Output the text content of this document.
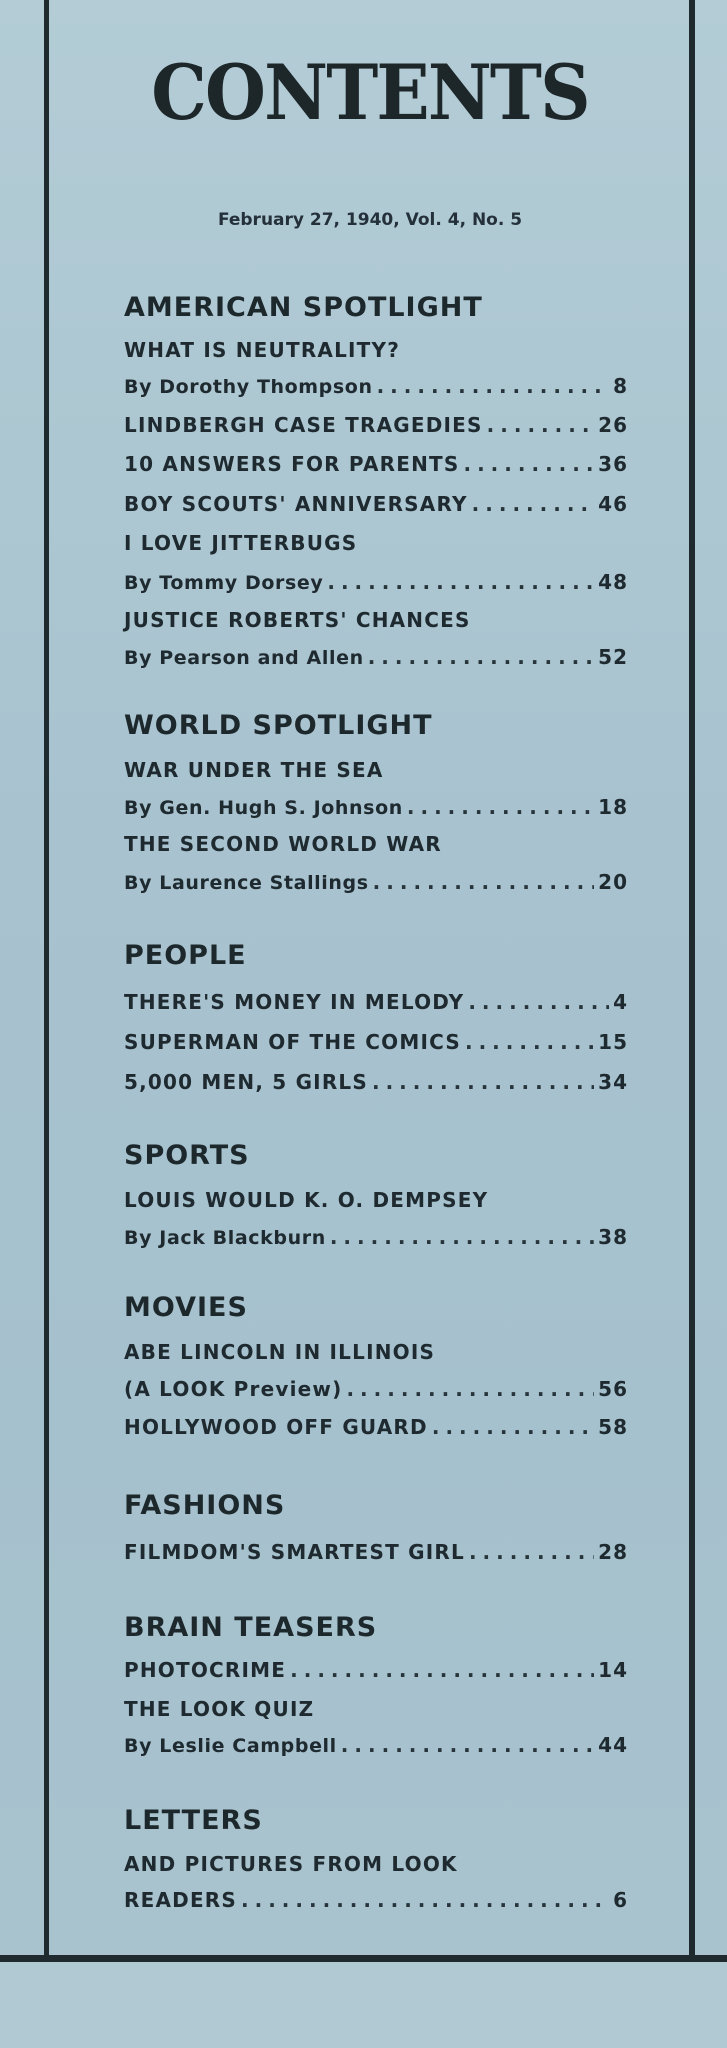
CONTENTS
February 27, 1940, Vol. 4, No. 5
AMERICAN SPOTLIGHT
WHAT IS NEUTRALITY?
By Dorothy Thompson .....	8
LINDBERGH CASE TRAGEDIES .....	26
10 ANSWERS FOR PARENTS .....	36
BOY SCOUTS' ANNIVERSARY .....	46
I LOVE JITTERBUGS
By Tommy Dorsey .....	48
JUSTICE ROBERTS' CHANCES
By Pearson and Allen .....	52
WORLD SPOTLIGHT
WAR UNDER THE SEA
By Gen. Hugh S. Johnson .....	18
THE SECOND WORLD WAR
By Laurence Stallings .....	20
PEOPLE
THERE'S MONEY IN MELODY .....	4
SUPERMAN OF THE COMICS .....	15
5,000 MEN, 5 GIRLS .....	34
SPORTS
LOUIS WOULD K. O. DEMPSEY
By Jack Blackburn .....	38
MOVIES
ABE LINCOLN IN ILLINOIS
(A LOOK Preview) .....	56
HOLLYWOOD OFF GUARD .....	58
FASHIONS
FILMDOM'S SMARTEST GIRL .....	28
BRAIN TEASERS
PHOTOCRIME .....	14
THE LOOK QUIZ
By Leslie Campbell .....	44
LETTERS
AND PICTURES FROM LOOK
READERS .....	6
